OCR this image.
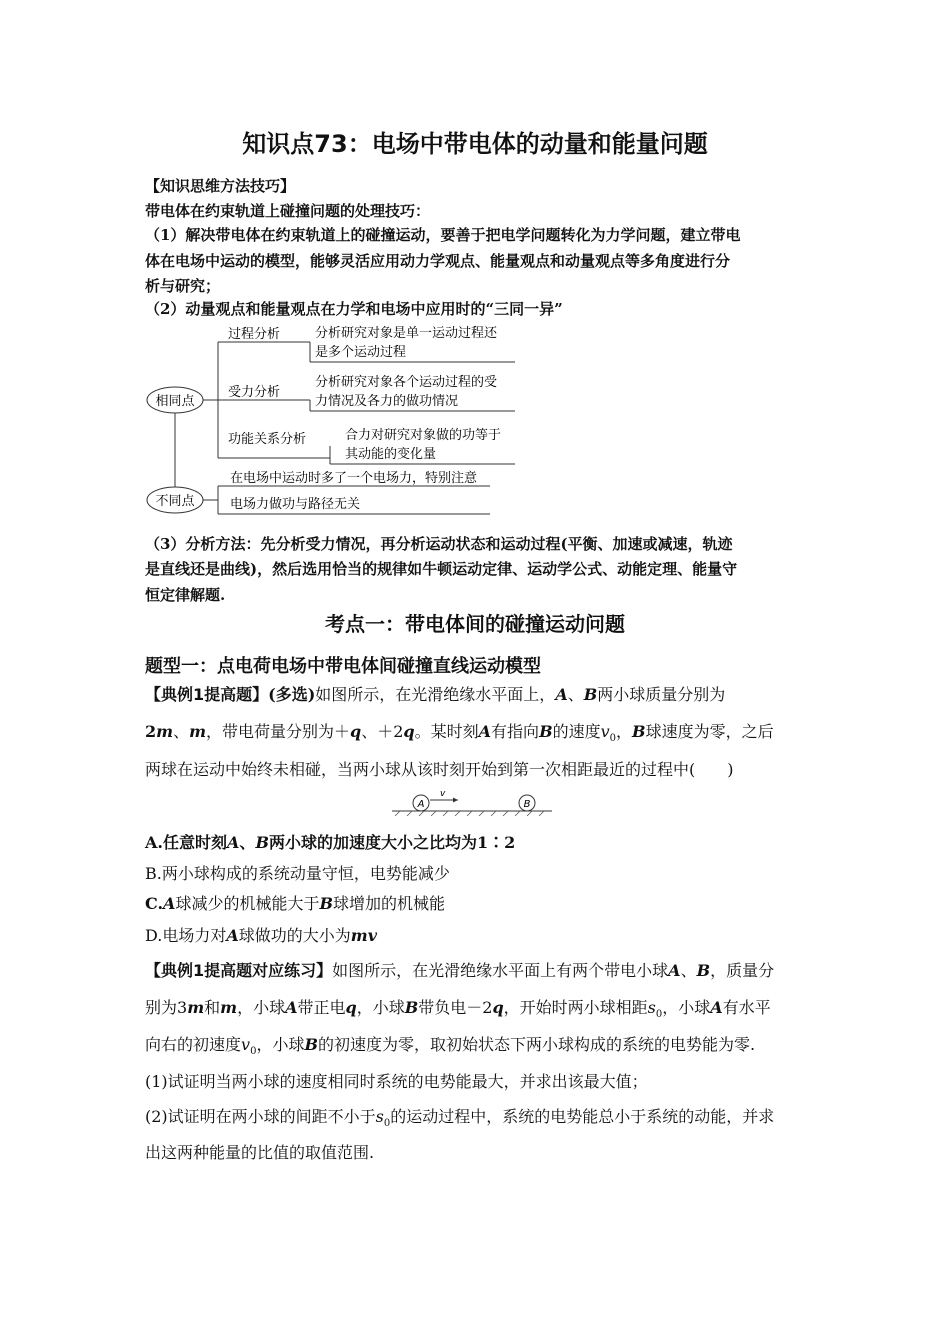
知识点73：电场中带电体的动量和能量问题
【知识思维方法技巧】
带电体在约束轨道上碰撞问题的处理技巧：
（1）解决带电体在约束轨道上的碰撞运动，要善于把电学问题转化为力学问题，建立带电
体在电场中运动的模型，能够灵活应用动力学观点、能量观点和动量观点等多角度进行分
析与研究；
（2）动量观点和能量观点在力学和电场中应用时的“三同一异”
相同点
不同点
过程分析	分析研究对象是单一运动过程还
是多个运动过程
受力分析
分析研究对象各个运动过程的受
力情况及各力的做功情况
功能关系分析	合力对研究对象做的功等于
其动能的变化量
在电场中运动时多了一个电场力，特别注意
电场力做功与路径无关
（3）分析方法：先分析受力情况，再分析运动状态和运动过程(平衡、加速或减速，轨迹
是直线还是曲线)，然后选用恰当的规律如牛顿运动定律、运动学公式、动能定理、能量守
恒定律解题.
考点一：带电体间的碰撞运动问题
题型一：点电荷电场中带电体间碰撞直线运动模型
【典例1提高题】(多选)如图所示，在光滑绝缘水平面上，A、B两小球质量分别为
2m、m，带电荷量分别为＋q、＋2q。某时刻A有指向B的速度$v_0$，B球速度为零，之后
两球在运动中始终未相碰，当两小球从该时刻开始到第一次相距最近的过程中(　　)
A	B
v
A.任意时刻A、B两小球的加速度大小之比均为1∶2
B.两小球构成的系统动量守恒，电势能减少
C.A球减少的机械能大于B球增加的机械能
D.电场力对A球做功的大小为mv
【典例1提高题对应练习】如图所示，在光滑绝缘水平面上有两个带电小球A、B，质量分
别为3m和m，小球A带正电q，小球B带负电－2q，开始时两小球相距$s_0$，小球A有水平
向右的初速度$v_0$，小球B的初速度为零，取初始状态下两小球构成的系统的电势能为零.
(1)试证明当两小球的速度相同时系统的电势能最大，并求出该最大值；
(2)试证明在两小球的间距不小于$s_0$的运动过程中，系统的电势能总小于系统的动能，并求
出这两种能量的比值的取值范围.
